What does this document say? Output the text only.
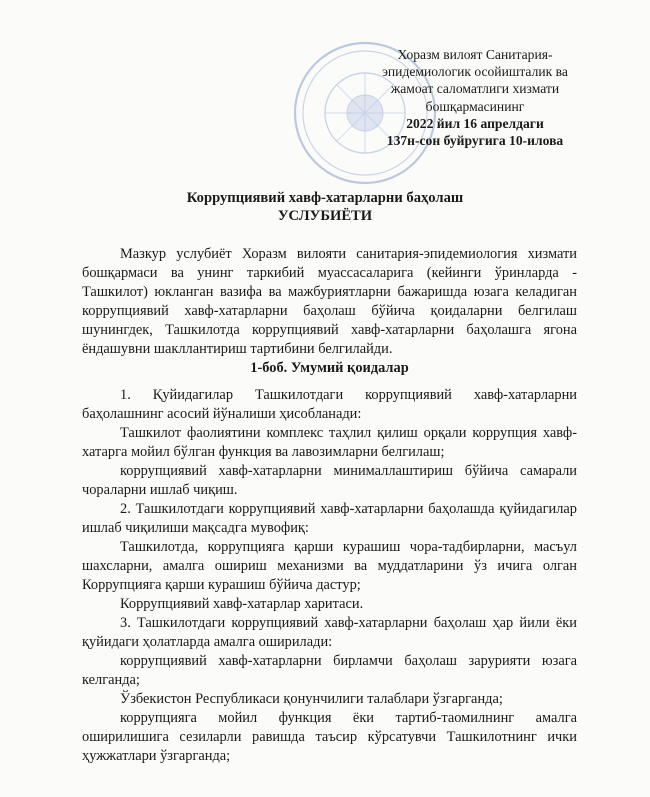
Хоразм вилоят Санитария-
эпидемиологик осойишталик ва
жамоат саломатлиги хизмати
бошқармасининг
2022 йил 16 апрелдаги
137н-сон буйругига 10-илова
Коррупциявий хавф-хатарларни баҳолаш
УСЛУБИЁТИ

Мазкур услубиёт Хоразм вилояти санитария-эпидемиология хизмати бошқармаси ва унинг таркибий муассасаларига (кейинги ўринларда - Ташкилот) юкланган вазифа ва мажбуриятларни бажаришда юзага келадиган коррупциявий хавф-хатарларни баҳолаш бўйича қоидаларни белгилаш шунингдек, Ташкилотда коррупциявий хавф-хатарларни баҳолашга ягона ёндашувни шакллантириш тартибини белгилайди.

1-боб. Умумий қоидалар

1. Қуйидагилар Ташкилотдаги коррупциявий хавф-хатарларни баҳолашнинг асосий йўналиши ҳисобланади:

Ташкилот фаолиятини комплекс таҳлил қилиш орқали коррупция хавф-хатарга мойил бўлган функция ва лавозимларни белгилаш;

коррупциявий хавф-хатарларни минималлаштириш бўйича самарали чораларни ишлаб чиқиш.

2. Ташкилотдаги коррупциявий хавф-хатарларни баҳолашда қуйидагилар ишлаб чиқилиши мақсадга мувофиқ:

Ташкилотда, коррупцияга қарши курашиш чора-тадбирларни, масъул шахсларни, амалга ошириш механизми ва муддатларини ўз ичига олган Коррупцияга қарши курашиш бўйича дастур;

Коррупциявий хавф-хатарлар харитаси.

3. Ташкилотдаги коррупциявий хавф-хатарларни баҳолаш ҳар йили ёки қуйидаги ҳолатларда амалга оширилади:

коррупциявий хавф-хатарларни бирламчи баҳолаш зарурияти юзага келганда;

Ўзбекистон Республикаси қонунчилиги талаблари ўзгарганда;

коррупцияга мойил функция ёки тартиб-таомилнинг амалга оширилишига сезиларли равишда таъсир кўрсатувчи Ташкилотнинг ички ҳужжатлари ўзгарганда;
